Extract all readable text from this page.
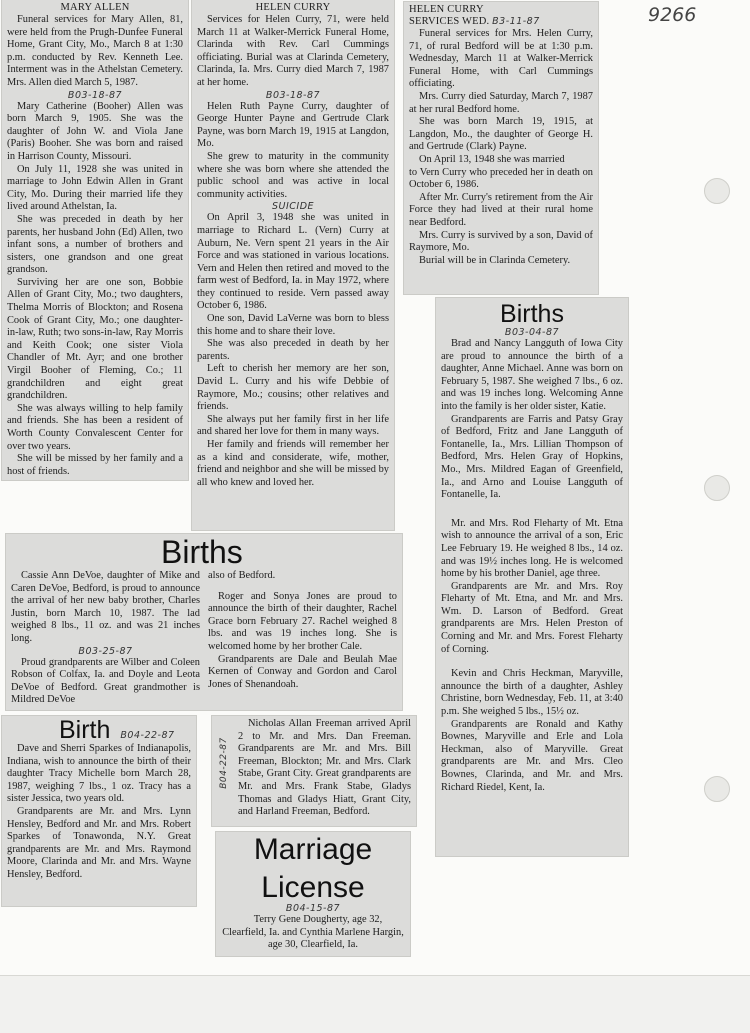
9266

MARY ALLEN

Funeral services for Mary Allen, 81, were held from the Prugh-Dunfee Funeral Home, Grant City, Mo., March 8 at 1:30 p.m. conducted by Rev. Kenneth Lee. Interment was in the Athelstan Cemetery. Mrs. Allen died March 5, 1987.

B03-18-87

Mary Catherine (Booher) Allen was born March 9, 1905. She was the daughter of John W. and Viola Jane (Paris) Booher. She was born and raised in Harrison County, Missouri.

On July 11, 1928 she was united in marriage to John Edwin Allen in Grant City, Mo. During their married life they lived around Athelstan, Ia.

She was preceded in death by her parents, her husband John (Ed) Allen, two infant sons, a number of brothers and sisters, one grandson and one great grandson.

Surviving her are one son, Bobbie Allen of Grant City, Mo.; two daughters, Thelma Morris of Blockton; and Rosena Cook of Grant City, Mo.; one daughter-in-law, Ruth; two sons-in-law, Ray Morris and Keith Cook; one sister Viola Chandler of Mt. Ayr; and one brother Virgil Booher of Fleming, Co.; 11 grandchildren and eight great grandchildren.

She was always willing to help family and friends. She has been a resident of Worth County Convalescent Center for over two years.

She will be missed by her family and a host of friends.

HELEN CURRY

Services for Helen Curry, 71, were held March 11 at Walker-Merrick Funeral Home, Clarinda with Rev. Carl Cummings officiating. Burial was at Clarinda Cemetery, Clarinda, Ia. Mrs. Curry died March 7, 1987 at her home.

B03-18-87

Helen Ruth Payne Curry, daughter of George Hunter Payne and Gertrude Clark Payne, was born March 19, 1915 at Langdon, Mo.

She grew to maturity in the community where she was born where she attended the public school and was active in local community activities.

SUICIDE

On April 3, 1948 she was united in marriage to Richard L. (Vern) Curry at Auburn, Ne. Vern spent 21 years in the Air Force and was stationed in various locations. Vern and Helen then retired and moved to the farm west of Bedford, Ia. in May 1972, where they continued to reside. Vern passed away October 6, 1986.

One son, David LaVerne was born to bless this home and to share their love.

She was also preceded in death by her parents.

Left to cherish her memory are her son, David L. Curry and his wife Debbie of Raymore, Mo.; cousins; other relatives and friends.

She always put her family first in her life and shared her love for them in many ways.

Her family and friends will remember her as a kind and considerate, wife, mother, friend and neighbor and she will be missed by all who knew and loved her.

HELEN CURRY

SERVICES WED. B3-11-87

Funeral services for Mrs. Helen Curry, 71, of rural Bedford will be at 1:30 p.m. Wednesday, March 11 at Walker-Merrick Funeral Home, with Carl Cummings officiating.

Mrs. Curry died Saturday, March 7, 1987 at her rural Bedford home.

She was born March 19, 1915, at Langdon, Mo., the daughter of George H. and Gertrude (Clark) Payne.

On April 13, 1948 she was married

to Vern Curry who preceded her in death on October 6, 1986.

After Mr. Curry's retirement from the Air Force they had lived at their rural home near Bedford.

Mrs. Curry is survived by a son, David of Raymore, Mo.

Burial will be in Clarinda Cemetery.

Births

B03-04-87

Brad and Nancy Langguth of Iowa City are proud to announce the birth of a daughter, Anne Michael. Anne was born on February 5, 1987. She weighed 7 lbs., 6 oz. and was 19 inches long. Welcoming Anne into the family is her older sister, Katie.

Grandparents are Farris and Patsy Gray of Bedford, Fritz and Jane Langguth of Fontanelle, Ia., Mrs. Lillian Thompson of Bedford, Mrs. Helen Gray of Hopkins, Mo., Mrs. Mildred Eagan of Greenfield, Ia., and Arno and Louise Langguth of Fontanelle, Ia.

Mr. and Mrs. Rod Fleharty of Mt. Etna wish to announce the arrival of a son, Eric Lee February 19. He weighed 8 lbs., 14 oz. and was 19½ inches long. He is welcomed home by his brother Daniel, age three.

Grandparents are Mr. and Mrs. Roy Fleharty of Mt. Etna, and Mr. and Mrs. Wm. D. Larson of Bedford. Great grandparents are Mrs. Helen Preston of Corning and Mr. and Mrs. Forest Fleharty of Corning.

Kevin and Chris Heckman, Maryville, announce the birth of a daughter, Ashley Christine, born Wednesday, Feb. 11, at 3:40 p.m. She weighed 5 lbs., 15½ oz.

Grandparents are Ronald and Kathy Bownes, Maryville and Erle and Lola Heckman, also of Maryville. Great grandparents are Mr. and Mrs. Cleo Bownes, Clarinda, and Mr. and Mrs. Richard Riedel, Kent, Ia.

Births

Cassie Ann DeVoe, daughter of Mike and Caren DeVoe, Bedford, is proud to announce the arrival of her new baby brother, Charles Justin, born March 10, 1987. The lad weighed 8 lbs., 11 oz. and was 21 inches long.

B03-25-87

Proud grandparents are Wilber and Coleen Robson of Colfax, Ia. and Doyle and Leota DeVoe of Bedford. Great grandmother is Mildred DeVoe

also of Bedford.

Roger and Sonya Jones are proud to announce the birth of their daughter, Rachel Grace born February 27. Rachel weighed 8 lbs. and was 19 inches long. She is welcomed home by her brother Cale.

Grandparents are Dale and Beulah Mae Kernen of Conway and Gordon and Carol Jones of Shenandoah.

Birth B04-22-87

Dave and Sherri Sparkes of Indianapolis, Indiana, wish to announce the birth of their daughter Tracy Michelle born March 28, 1987, weighing 7 lbs., 1 oz. Tracy has a sister Jessica, two years old.

Grandparents are Mr. and Mrs. Lynn Hensley, Bedford and Mr. and Mrs. Robert Sparkes of Tonawonda, N.Y. Great grandparents are Mr. and Mrs. Raymond Moore, Clarinda and Mr. and Mrs. Wayne Hensley, Bedford.

B04-22-87

Nicholas Allan Freeman arrived April 2 to Mr. and Mrs. Dan Freeman. Grandparents are Mr. and Mrs. Bill Freeman, Blockton; Mr. and Mrs. Clark Stabe, Grant City. Great grandparents are Mr. and Mrs. Frank Stabe, Gladys Thomas and Gladys Hiatt, Grant City, and Harland Freeman, Bedford.

Marriage

License

B04-15-87

Terry Gene Dougherty, age 32, Clearfield, Ia. and Cynthia Marlene Hargin, age 30, Clearfield, Ia.
